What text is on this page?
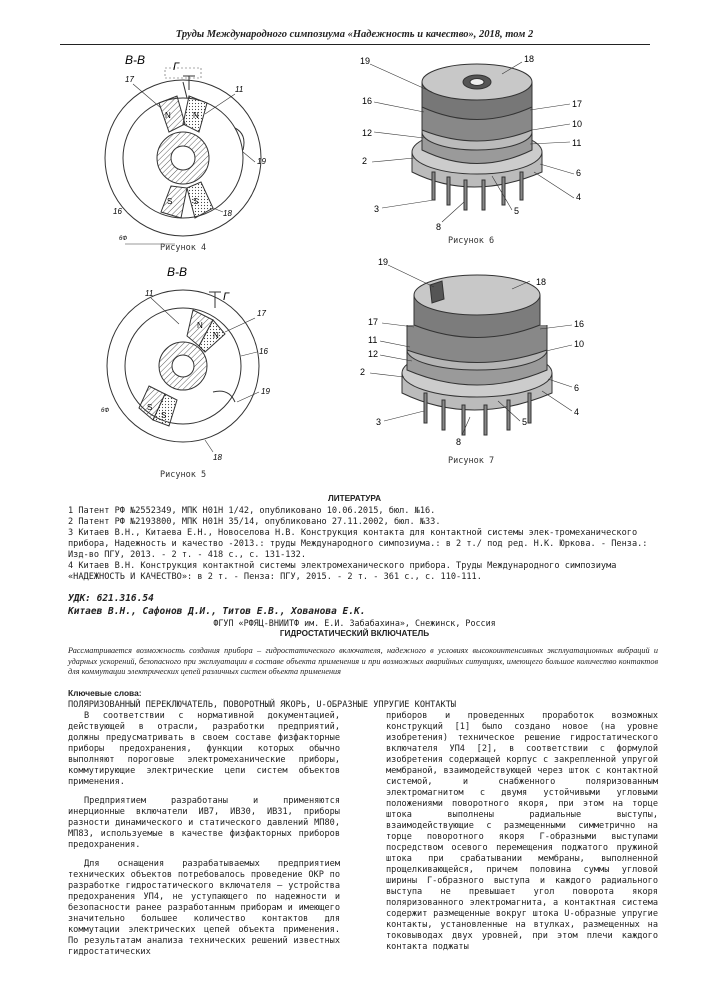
Труды Международного симпозиума «Надежность и качество», 2018, том 2
В-В	Г
17
11
N	N
S	S
19
16	18
6Ф
Рисунок 4
19	18
16	17
10
12
11
2
6
4
3	5
8
Рисунок 6
В-В
Г
11
17
N
N
S
S
16
19
18
6Ф
Рисунок 5
19
18
17	16
11	10
12
2
6
4
3	5
8
Рисунок 7
ЛИТЕРАТУРА

1 Патент РФ №2552349, МПК H01H 1/42, опубликовано 10.06.2015, бюл. №16.

2 Патент РФ №2193800, МПК H01H 35/14, опубликовано 27.11.2002, бюл. №33.

3 Китаев В.Н., Китаева Е.Н., Новоселова Н.В. Конструкция контакта для контактной системы элек-тромеханического прибора, Надежность и качество -2013.: труды Международного симпозиума.: в 2 т./ под ред. Н.К. Юркова. - Пенза.: Изд-во ПГУ, 2013. - 2 т. - 418 с., с. 131-132.

4 Китаев В.Н. Конструкция контактной системы электромеханического прибора. Труды Международного симпозиума «НАДЕЖНОСТЬ И КАЧЕСТВО»: в 2 т. - Пенза: ПГУ, 2015. - 2 т. - 361 с., с. 110-111.

УДК: 621.316.54
Китаев В.Н., Сафонов Д.И., Титов Е.В., Хованова Е.К.
ФГУП «РФЯЦ-ВНИИТФ им. Е.И. Забабахина», Снежинск, Россия
ГИДРОСТАТИЧЕСКИЙ ВКЛЮЧАТЕЛЬ
Рассматривается возможность создания прибора – гидростатического включателя, надежного в условиях высокоинтенсивных эксплуатационных вибраций и ударных ускорений, безопасного при эксплуатации в составе объекта применения и при возможных аварийных ситуациях, имеющего большое количество контактов для коммутации электрических цепей различных систем объекта применения
Ключевые слова:
ПОЛЯРИЗОВАННЫЙ ПЕРЕКЛЮЧАТЕЛЬ, ПОВОРОТНЫЙ ЯКОРЬ, U-ОБРАЗНЫЕ УПРУГИЕ КОНТАКТЫ

В соответствии с нормативной документацией, действующей в отрасли, разработки предприятий, должны предусматривать в своем составе физфакторные приборы предохранения, функции которых обычно выполняют пороговые электромеханические приборы, коммутирующие электрические цепи систем объектов применения.

Предприятием разработаны и применяются инерционные включатели ИВ7, ИВ30, ИВ31, приборы разности динамического и статического давлений МП80, МП83, используемые в качестве физфакторных приборов предохранения.

Для оснащения разрабатываемых предприятием технических объектов потребовалось проведение ОКР по разработке гидростатического включателя – устройства предохранения УП4, не уступающего по надежности и безопасности ранее разработанным приборам и имеющего значительно большее количество контактов для коммутации электрических цепей объекта применения. По результатам анализа технических решений известных гидростатических

приборов и проведенных проработок возможных конструкций [1] было создано новое (на уровне изобретения) техническое решение гидростатического включателя УП4 [2], в соответствии с формулой изобретения содержащей корпус с закрепленной упругой мембраной, взаимодействующей через шток с контактной системой, и снабженного поляризованным электромагнитом с двумя устойчивыми угловыми положениями поворотного якоря, при этом на торце штока выполнены радиальные выступы, взаимодействующие с размещенными симметрично на торце поворотного якоря Г-образными выступами посредством осевого перемещения поджатого пружиной штока при срабатывании мембраны, выполненной прощелкивающейся, причем половина суммы угловой ширины Г-образного выступа и каждого радиального выступа не превышает угол поворота якоря поляризованного электромагнита, а контактная система содержит размещенные вокруг штока U-образные упругие контакты, установленные на втулках, размещенных на токовыводах двух уровней, при этом плечи каждого контакта поджаты
